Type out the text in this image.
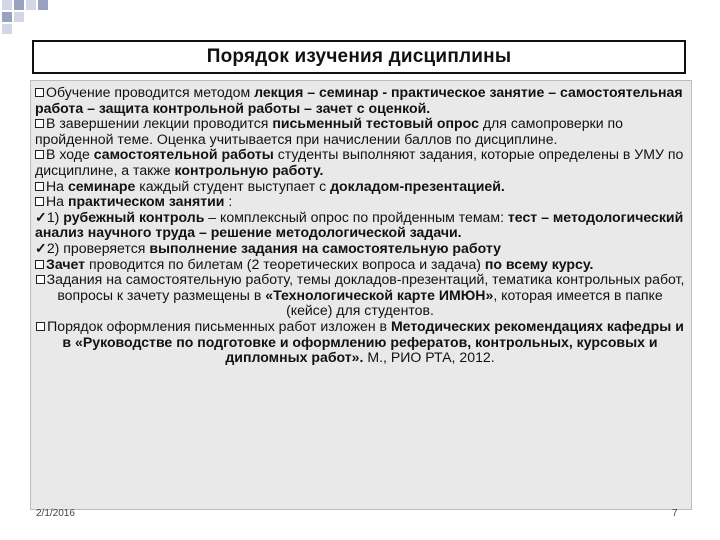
Порядок изучения дисциплины

Обучение проводится методом лекция – семинар - практическое занятие – самостоятельная работа – защита контрольной работы – зачет с оценкой.

В завершении лекции проводится письменный тестовый опрос для самопроверки по пройденной теме. Оценка учитывается при начислении баллов по дисциплине.

В ходе самостоятельной работы студенты выполняют задания, которые определены в УМУ по дисциплине, а также контрольную работу.

На семинаре каждый студент выступает с докладом-презентацией.

На практическом занятии :

✓1) рубежный контроль – комплексный опрос по пройденным темам: тест – методологический анализ научного труда – решение методологической задачи.

✓2) проверяется выполнение задания на самостоятельную работу

Зачет проводится по билетам (2 теоретических вопроса и задача) по всему курсу.

Задания на самостоятельную работу, темы докладов-презентаций, тематика контрольных работ, вопросы к зачету размещены в «Технологической карте ИМЮН», которая имеется в папке (кейсе) для студентов.

Порядок оформления письменных работ изложен в Методических рекомендациях кафедры и в «Руководстве по подготовке и оформлению рефератов, контрольных, курсовых и дипломных работ». М., РИО РТА, 2012.

2/1/2016	7
